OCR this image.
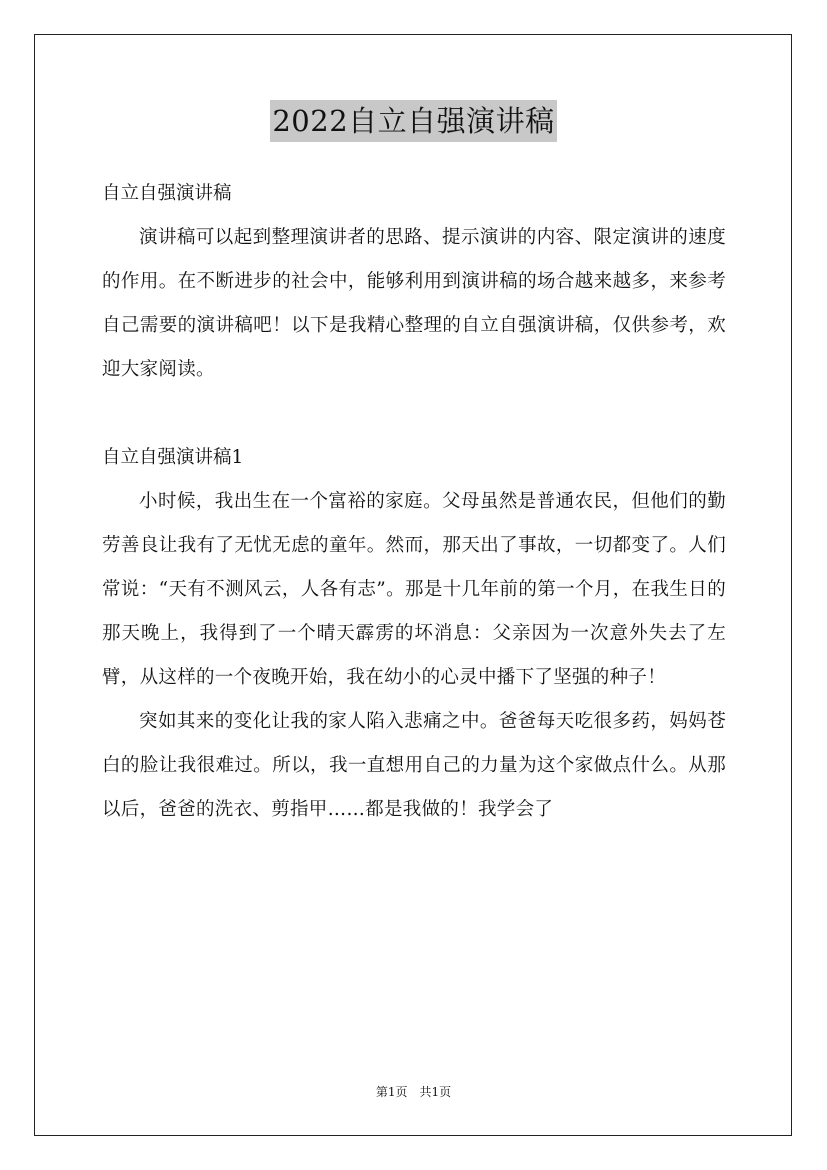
2022自立自强演讲稿

自立自强演讲稿

演讲稿可以起到整理演讲者的思路、提示演讲的内容、限定演讲的速度的作用。在不断进步的社会中，能够利用到演讲稿的场合越来越多，来参考自己需要的演讲稿吧！以下是我精心整理的自立自强演讲稿，仅供参考，欢迎大家阅读。

自立自强演讲稿1

小时候，我出生在一个富裕的家庭。父母虽然是普通农民，但他们的勤劳善良让我有了无忧无虑的童年。然而，那天出了事故，一切都变了。人们常说：“天有不测风云，人各有志”。那是十几年前的第一个月，在我生日的那天晚上，我得到了一个晴天霹雳的坏消息：父亲因为一次意外失去了左臂，从这样的一个夜晚开始，我在幼小的心灵中播下了坚强的种子！

突如其来的变化让我的家人陷入悲痛之中。爸爸每天吃很多药，妈妈苍白的脸让我很难过。所以，我一直想用自己的力量为这个家做点什么。从那以后，爸爸的洗衣、剪指甲……都是我做的！我学会了

第1页　共1页
